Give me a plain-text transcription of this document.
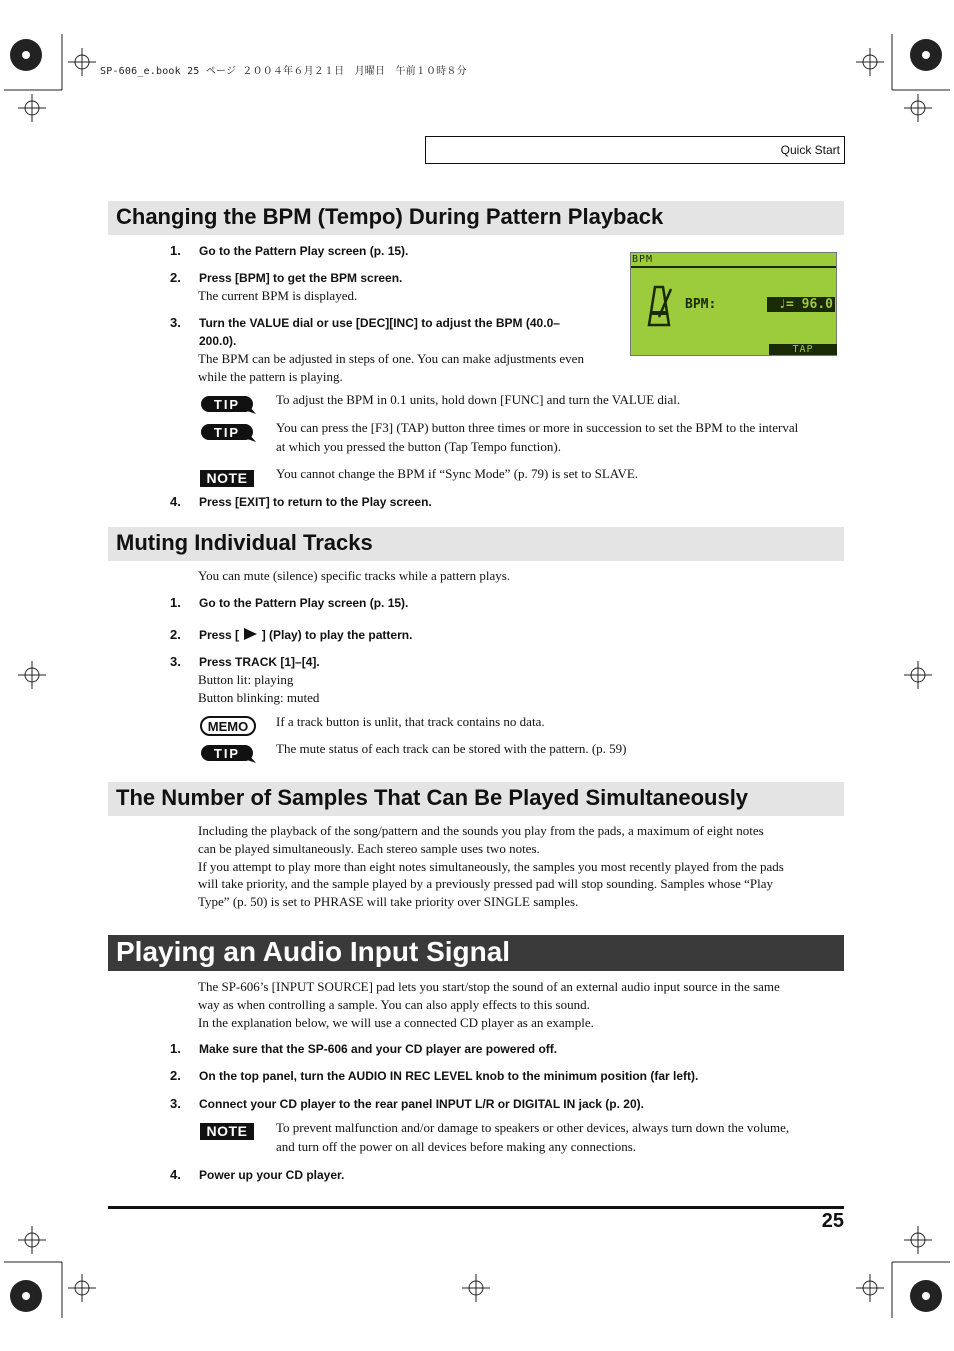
SP-606_e.book 25 ページ ２００４年６月２１日　月曜日　午前１０時８分
Quick Start
Changing the BPM (Tempo) During Pattern Playback
1. Go to the Pattern Play screen (p. 15).
2. Press [BPM] to get the BPM screen.
The current BPM is displayed.
3. Turn the VALUE dial or use [DEC][INC] to adjust the BPM (40.0–
200.0).
The BPM can be adjusted in steps of one. You can make adjustments even
while the pattern is playing.
BPM
BPM:	♩= 96.0
TAP
TIP	To adjust the BPM in 0.1 units, hold down [FUNC] and turn the VALUE dial.
TIP	You can press the [F3] (TAP) button three times or more in succession to set the BPM to the interval
at which you pressed the button (Tap Tempo function).
NOTE	You cannot change the BPM if “Sync Mode” (p. 79) is set to SLAVE.
4. Press [EXIT] to return to the Play screen.
Muting Individual Tracks
You can mute (silence) specific tracks while a pattern plays.
1. Go to the Pattern Play screen (p. 15).
2. Press [ ] (Play) to play the pattern.
3. Press TRACK [1]–[4].
Button lit: playing
Button blinking: muted
MEMO If a track button is unlit, that track contains no data.
TIP	The mute status of each track can be stored with the pattern. (p. 59)
The Number of Samples That Can Be Played Simultaneously
Including the playback of the song/pattern and the sounds you play from the pads, a maximum of eight notes
can be played simultaneously. Each stereo sample uses two notes.
If you attempt to play more than eight notes simultaneously, the samples you most recently played from the pads
will take priority, and the sample played by a previously pressed pad will stop sounding. Samples whose “Play
Type” (p. 50) is set to PHRASE will take priority over SINGLE samples.
Playing an Audio Input Signal
The SP-606’s [INPUT SOURCE] pad lets you start/stop the sound of an external audio input source in the same
way as when controlling a sample. You can also apply effects to this sound.
In the explanation below, we will use a connected CD player as an example.
1. Make sure that the SP-606 and your CD player are powered off.
2. On the top panel, turn the AUDIO IN REC LEVEL knob to the minimum position (far left).
3. Connect your CD player to the rear panel INPUT L/R or DIGITAL IN jack (p. 20).
NOTE	To prevent malfunction and/or damage to speakers or other devices, always turn down the volume,
and turn off the power on all devices before making any connections.
4. Power up your CD player.
25
